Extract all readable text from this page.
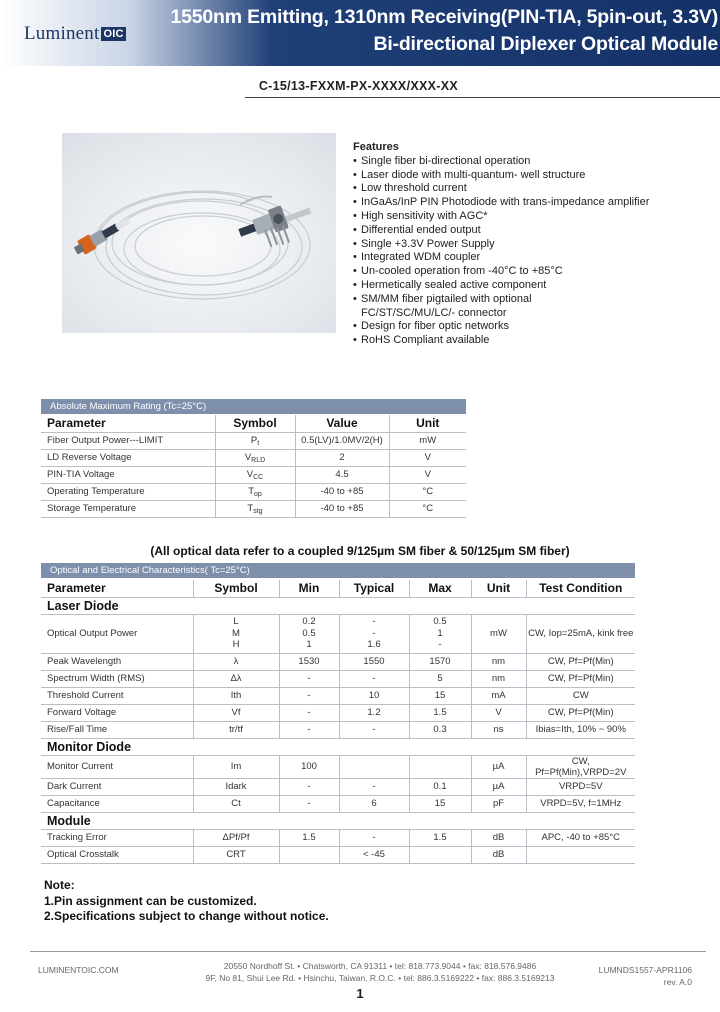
Luminent OIC
1550nm Emitting, 1310nm Receiving(PIN-TIA, 5pin-out, 3.3V)
Bi-directional Diplexer Optical Module
C-15/13-FXXM-PX-XXXX/XXX-XX
Features
• Single fiber bi-directional operation
• Laser diode with multi-quantum- well structure
• Low threshold current
• InGaAs/InP PIN Photodiode with trans-impedance amplifier
• High sensitivity with AGC*
• Differential ended output
• Single +3.3V Power Supply
• Integrated WDM coupler
• Un-cooled operation from -40°C to +85°C
• Hermetically sealed active component
• SM/MM fiber pigtailed with optional FC/ST/SC/MU/LC/- connector
• Design for fiber optic networks
• RoHS Compliant available
Absolute Maximum Rating (Tc=25°C)
Parameter	Symbol	Value	Unit
Fiber Output Power---LIMIT	$P_t$	0.5(LV)/1.0MV/2(H)	mW
LD Reverse Voltage	$V_{RLD}$	2	V
PIN-TIA Voltage	$V_{CC}$	4.5	V
Operating Temperature	$T_{op}$	-40 to +85	°C
Storage Temperature	$T_{stg}$	-40 to +85	°C
(All optical data refer to a coupled 9/125µm SM fiber & 50/125µm SM fiber)
Optical and Electrical Characteristics( Tc=25°C)
Parameter	Symbol	Min	Typical	Max	Unit	Test Condition
Laser Diode						
Optical Output Power	L
M
H	0.2
0.5
1	-
-
1.6	0.5
1
-	mW	CW, Iop=25mA, kink free
Peak Wavelength	λ	1530	1550	1570	nm	CW, Pf=Pf(Min)
Spectrum Width (RMS)	Δλ	-	-	5	nm	CW, Pf=Pf(Min)
Threshold Current	Ith	-	10	15	mA	CW
Forward Voltage	Vf	-	1.2	1.5	V	CW, Pf=Pf(Min)
Rise/Fall Time	tr/tf	-	-	0.3	ns	Ibias=Ith, 10% ~ 90%
Monitor Diode						
Monitor Current	Im	100			µA	CW, Pf=Pf(Min),VRPD=2V
Dark Current	Idark	-	-	0.1	µA	VRPD=5V
Capacitance	Ct	-	6	15	pF	VRPD=5V, f=1MHz
Module						
Tracking Error	ΔPf/Pf	1.5	-	1.5	dB	APC, -40 to +85°C
Optical Crosstalk	CRT		< -45		dB	
Note:
1.Pin assignment can be customized.
2.Specifications subject to change without notice.
LUMINENTOIC.COM	20550 Nordhoff St. • Chatsworth, CA 91311 • tel: 818.773.9044 • fax: 818.576.9486
9F, No 81, Shui Lee Rd. • Hsinchu, Taiwan, R.O.C. • tel: 886.3.5169222 • fax: 886.3.5169213
LUMNDS1557-APR1106
rev. A.0
1
